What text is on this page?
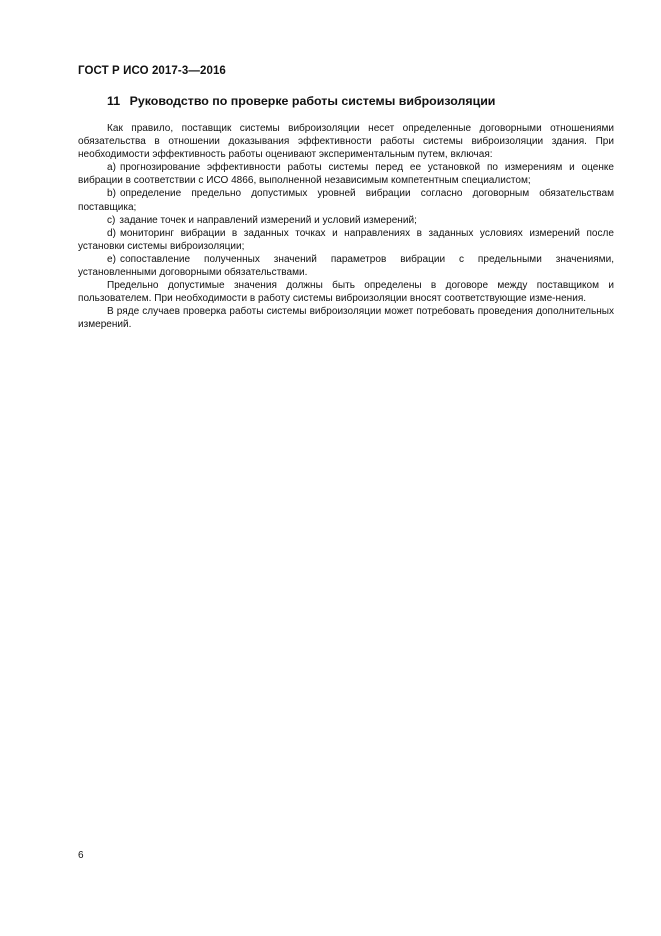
ГОСТ Р ИСО 2017-3—2016
11 Руководство по проверке работы системы виброизоляции

Как правило, поставщик системы виброизоляции несет определенные договорными отношениями обязательства в отношении доказывания эффективности работы системы виброизоляции здания. При необходимости эффективность работы оценивают экспериментальным путем, включая:

a) прогнозирование эффективности работы системы перед ее установкой по измерениям и оценке вибрации в соответствии с ИСО 4866, выполненной независимым компетентным специалистом;

b) определение предельно допустимых уровней вибрации согласно договорным обязательствам поставщика;

c) задание точек и направлений измерений и условий измерений;

d) мониторинг вибрации в заданных точках и направлениях в заданных условиях измерений после установки системы виброизоляции;

e) сопоставление полученных значений параметров вибрации с предельными значениями, установленными договорными обязательствами.

Предельно допустимые значения должны быть определены в договоре между поставщиком и пользователем. При необходимости в работу системы виброизоляции вносят соответствующие изме-нения.

В ряде случаев проверка работы системы виброизоляции может потребовать проведения дополнительных измерений.

6
